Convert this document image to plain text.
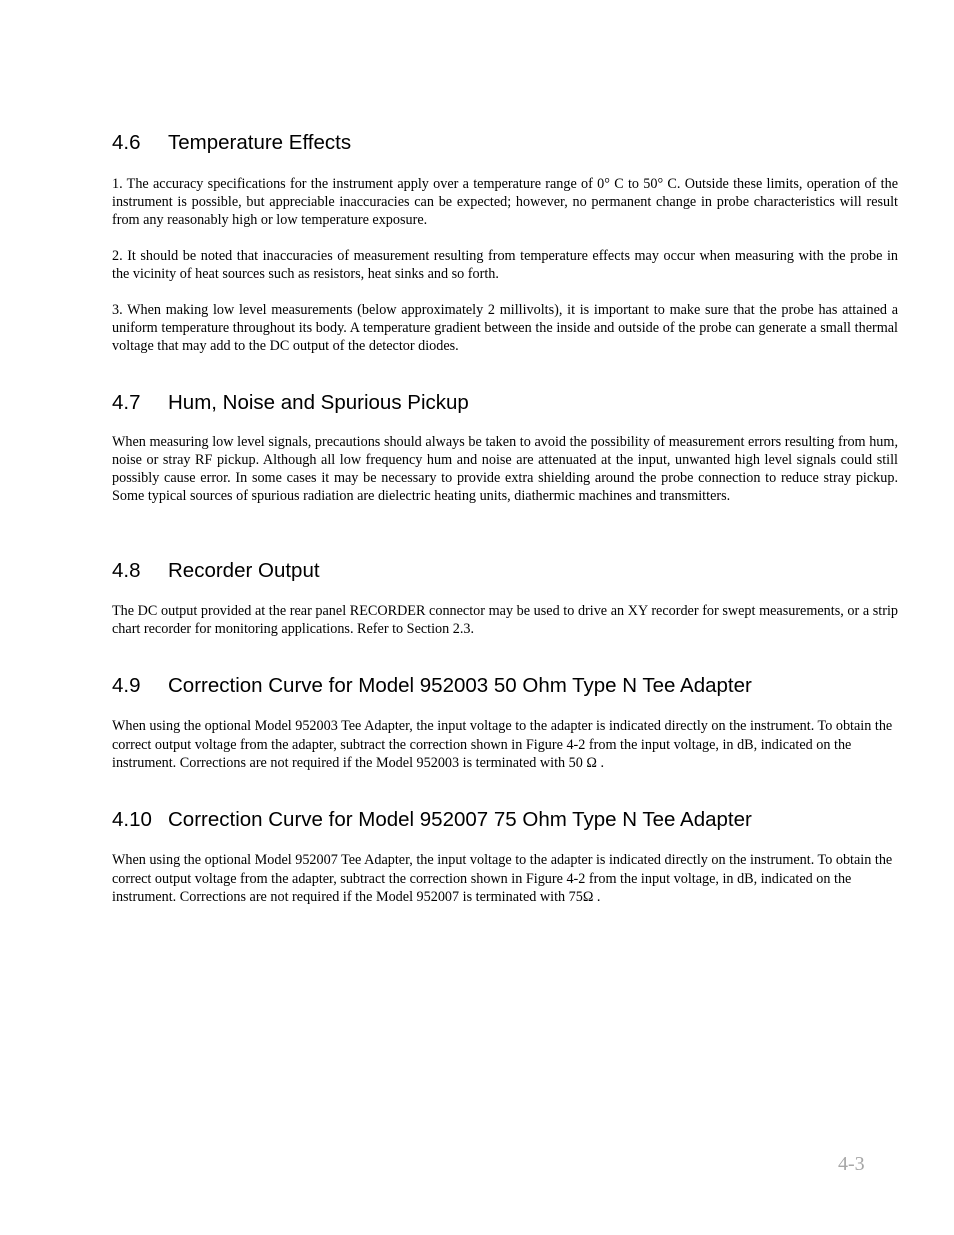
4.6 Temperature Effects

1. The accuracy specifications for the instrument apply over a temperature range of 0° C to 50° C. Outside these limits, operation of the instrument is possible, but appreciable inaccuracies can be expected; however, no permanent change in probe characteristics will result from any reasonably high or low temperature exposure.

2. It should be noted that inaccuracies of measurement resulting from temperature effects may occur when measuring with the probe in the vicinity of heat sources such as resistors, heat sinks and so forth.

3. When making low level measurements (below approximately 2 millivolts), it is important to make sure that the probe has attained a uniform temperature throughout its body. A temperature gradient between the inside and outside of the probe can generate a small thermal voltage that may add to the DC output of the detector diodes.

4.7 Hum, Noise and Spurious Pickup

When measuring low level signals, precautions should always be taken to avoid the possibility of measurement errors resulting from hum, noise or stray RF pickup. Although all low frequency hum and noise are attenuated at the input, unwanted high level signals could still possibly cause error. In some cases it may be necessary to provide extra shielding around the probe connection to reduce stray pickup. Some typical sources of spurious radiation are dielectric heating units, diathermic machines and transmitters.

4.8 Recorder Output

The DC output provided at the rear panel RECORDER connector may be used to drive an XY recorder for swept measurements, or a strip chart recorder for monitoring applications. Refer to Section 2.3.

4.9 Correction Curve for Model 952003 50 Ohm Type N Tee Adapter

When using the optional Model 952003 Tee Adapter, the input voltage to the adapter is indicated directly on the instrument. To obtain the correct output voltage from the adapter, subtract the correction shown in Figure 4-2 from the input voltage, in dB, indicated on the instrument. Corrections are not required if the Model 952003 is terminated with 50 Ω .

4.10 Correction Curve for Model 952007 75 Ohm Type N Tee Adapter

When using the optional Model 952007 Tee Adapter, the input voltage to the adapter is indicated directly on the instrument. To obtain the correct output voltage from the adapter, subtract the correction shown in Figure 4-2 from the input voltage, in dB, indicated on the instrument. Corrections are not required if the Model 952007 is terminated with 75Ω .

4-3
